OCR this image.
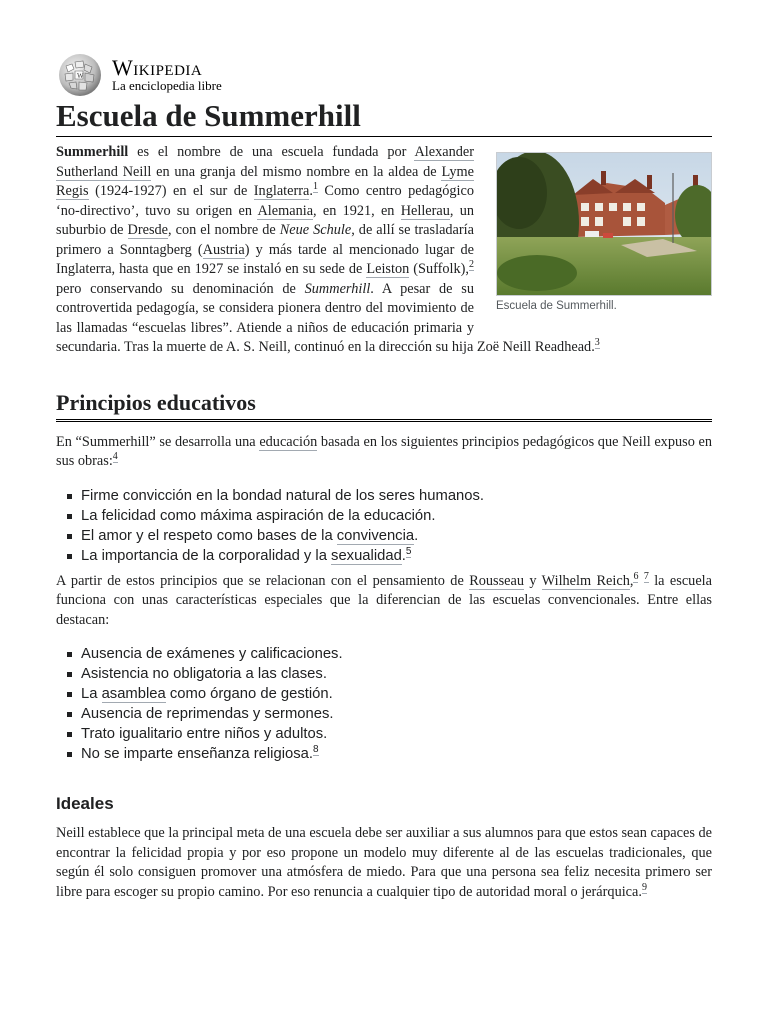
W Wikipedia
La enciclopedia libre
Escuela de Summerhill
Escuela de Summerhill.

Summerhill es el nombre de una escuela fundada por Alexander Sutherland Neill en una granja del mismo nombre en la aldea de Lyme Regis (1924-1927) en el sur de Inglaterra.$^1$ Como centro pedagógico ‘no-directivo’, tuvo su origen en Alemania, en 1921, en Hellerau, un suburbio de Dresde, con el nombre de Neue Schule, de allí se trasladaría primero a Sonntagberg (Austria) y más tarde al mencionado lugar de Inglaterra, hasta que en 1927 se instaló en su sede de Leiston (Suffolk),$^2$ pero conservando su denominación de Summerhill. A pesar de su controvertida pedagogía, se considera pionera dentro del movimiento de las llamadas “escuelas libres”. Atiende a niños de educación primaria y secundaria. Tras la muerte de A. S. Neill, continuó en la dirección su hija Zoë Neill Readhead.$^3$

Principios educativos

En “Summerhill” se desarrolla una educación basada en los siguientes principios pedagógicos que Neill expuso en sus obras:$^4$

Firme convicción en la bondad natural de los seres humanos.
La felicidad como máxima aspiración de la educación.
El amor y el respeto como bases de la convivencia.
La importancia de la corporalidad y la sexualidad.$^5$

A partir de estos principios que se relacionan con el pensamiento de Rousseau y Wilhelm Reich,$^6$ $^7$ la escuela funciona con unas características especiales que la diferencian de las escuelas convencionales. Entre ellas destacan:

Ausencia de exámenes y calificaciones.
Asistencia no obligatoria a las clases.
La asamblea como órgano de gestión.
Ausencia de reprimendas y sermones.
Trato igualitario entre niños y adultos.
No se imparte enseñanza religiosa.$^8$
Ideales

Neill establece que la principal meta de una escuela debe ser auxiliar a sus alumnos para que estos sean capaces de encontrar la felicidad propia y por eso propone un modelo muy diferente al de las escuelas tradicionales, que según él solo consiguen promover una atmósfera de miedo. Para que una persona sea feliz necesita primero ser libre para escoger su propio camino. Por eso renuncia a cualquier tipo de autoridad moral o jerárquica.$^9$
